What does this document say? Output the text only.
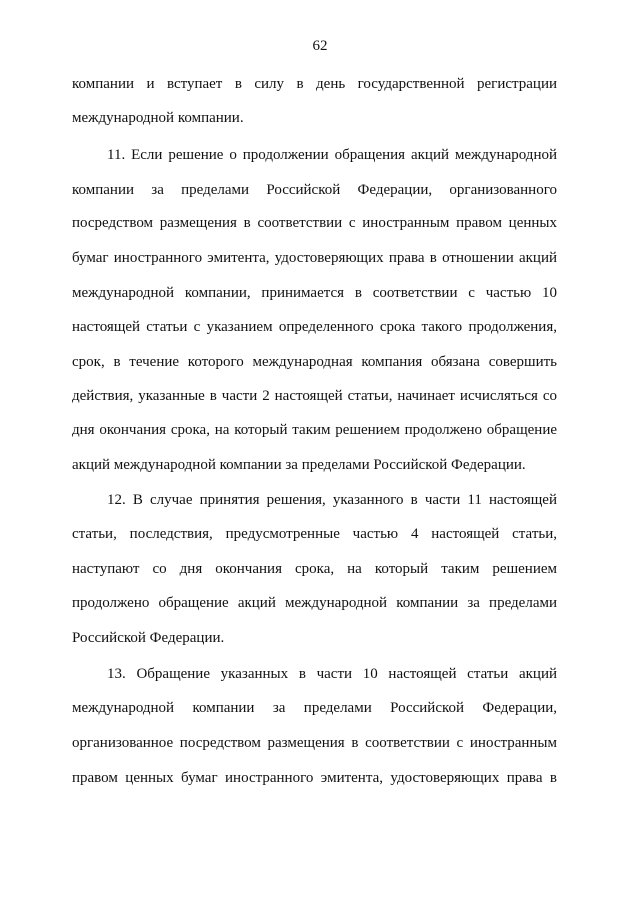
62
компании и вступает в силу в день государственной регистрации
международной компании.
11. Если решение о продолжении обращения акций международной
компании за пределами Российской Федерации, организованного
посредством размещения в соответствии с иностранным правом ценных
бумаг иностранного эмитента, удостоверяющих права в отношении акций
международной компании, принимается в соответствии с частью 10
настоящей статьи с указанием определенного срока такого продолжения,
срок, в течение которого международная компания обязана совершить
действия, указанные в части 2 настоящей статьи, начинает исчисляться со
дня окончания срока, на который таким решением продолжено обращение
акций международной компании за пределами Российской Федерации.
12. В случае принятия решения, указанного в части 11 настоящей
статьи, последствия, предусмотренные частью 4 настоящей статьи,
наступают со дня окончания срока, на который таким решением
продолжено обращение акций международной компании за пределами
Российской Федерации.
13. Обращение указанных в части 10 настоящей статьи акций
международной компании за пределами Российской Федерации,
организованное посредством размещения в соответствии с иностранным
правом ценных бумаг иностранного эмитента, удостоверяющих права в
